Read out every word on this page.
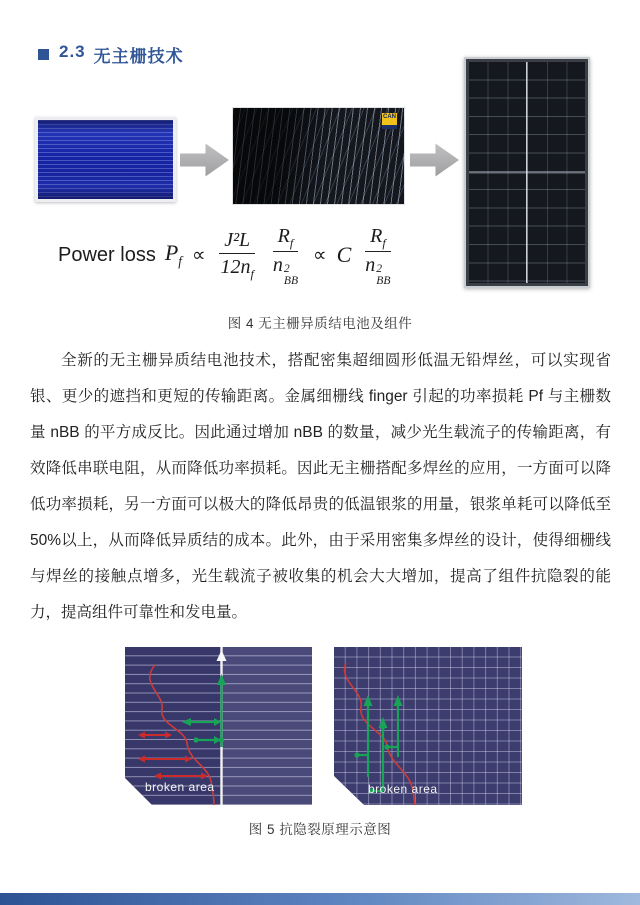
2.3 无主栅技术
CAN
Power loss $P_f \propto \frac{\text{J²L}}{12n_f} R_f$
n 2
BB ∝ C $R_f$
n 2
BB
图 4 无主栅异质结电池及组件
全新的无主栅异质结电池技术，搭配密集超细圆形低温无铅焊丝，可以实现省银、更少的遮挡和更短的传输距离。金属细栅线 finger 引起的功率损耗 Pf 与主栅数量 nBB 的平方成反比。因此通过增加 nBB 的数量，减少光生载流子的传输距离，有效降低串联电阻，从而降低功率损耗。因此无主栅搭配多焊丝的应用，一方面可以降低功率损耗，另一方面可以极大的降低昂贵的低温银浆的用量，银浆单耗可以降低至 50%以上，从而降低异质结的成本。此外，由于采用密集多焊丝的设计，使得细栅线与焊丝的接触点增多，光生载流子被收集的机会大大增加，提高了组件抗隐裂的能力，提高组件可靠性和发电量。
broken area	broken area
图 5 抗隐裂原理示意图
